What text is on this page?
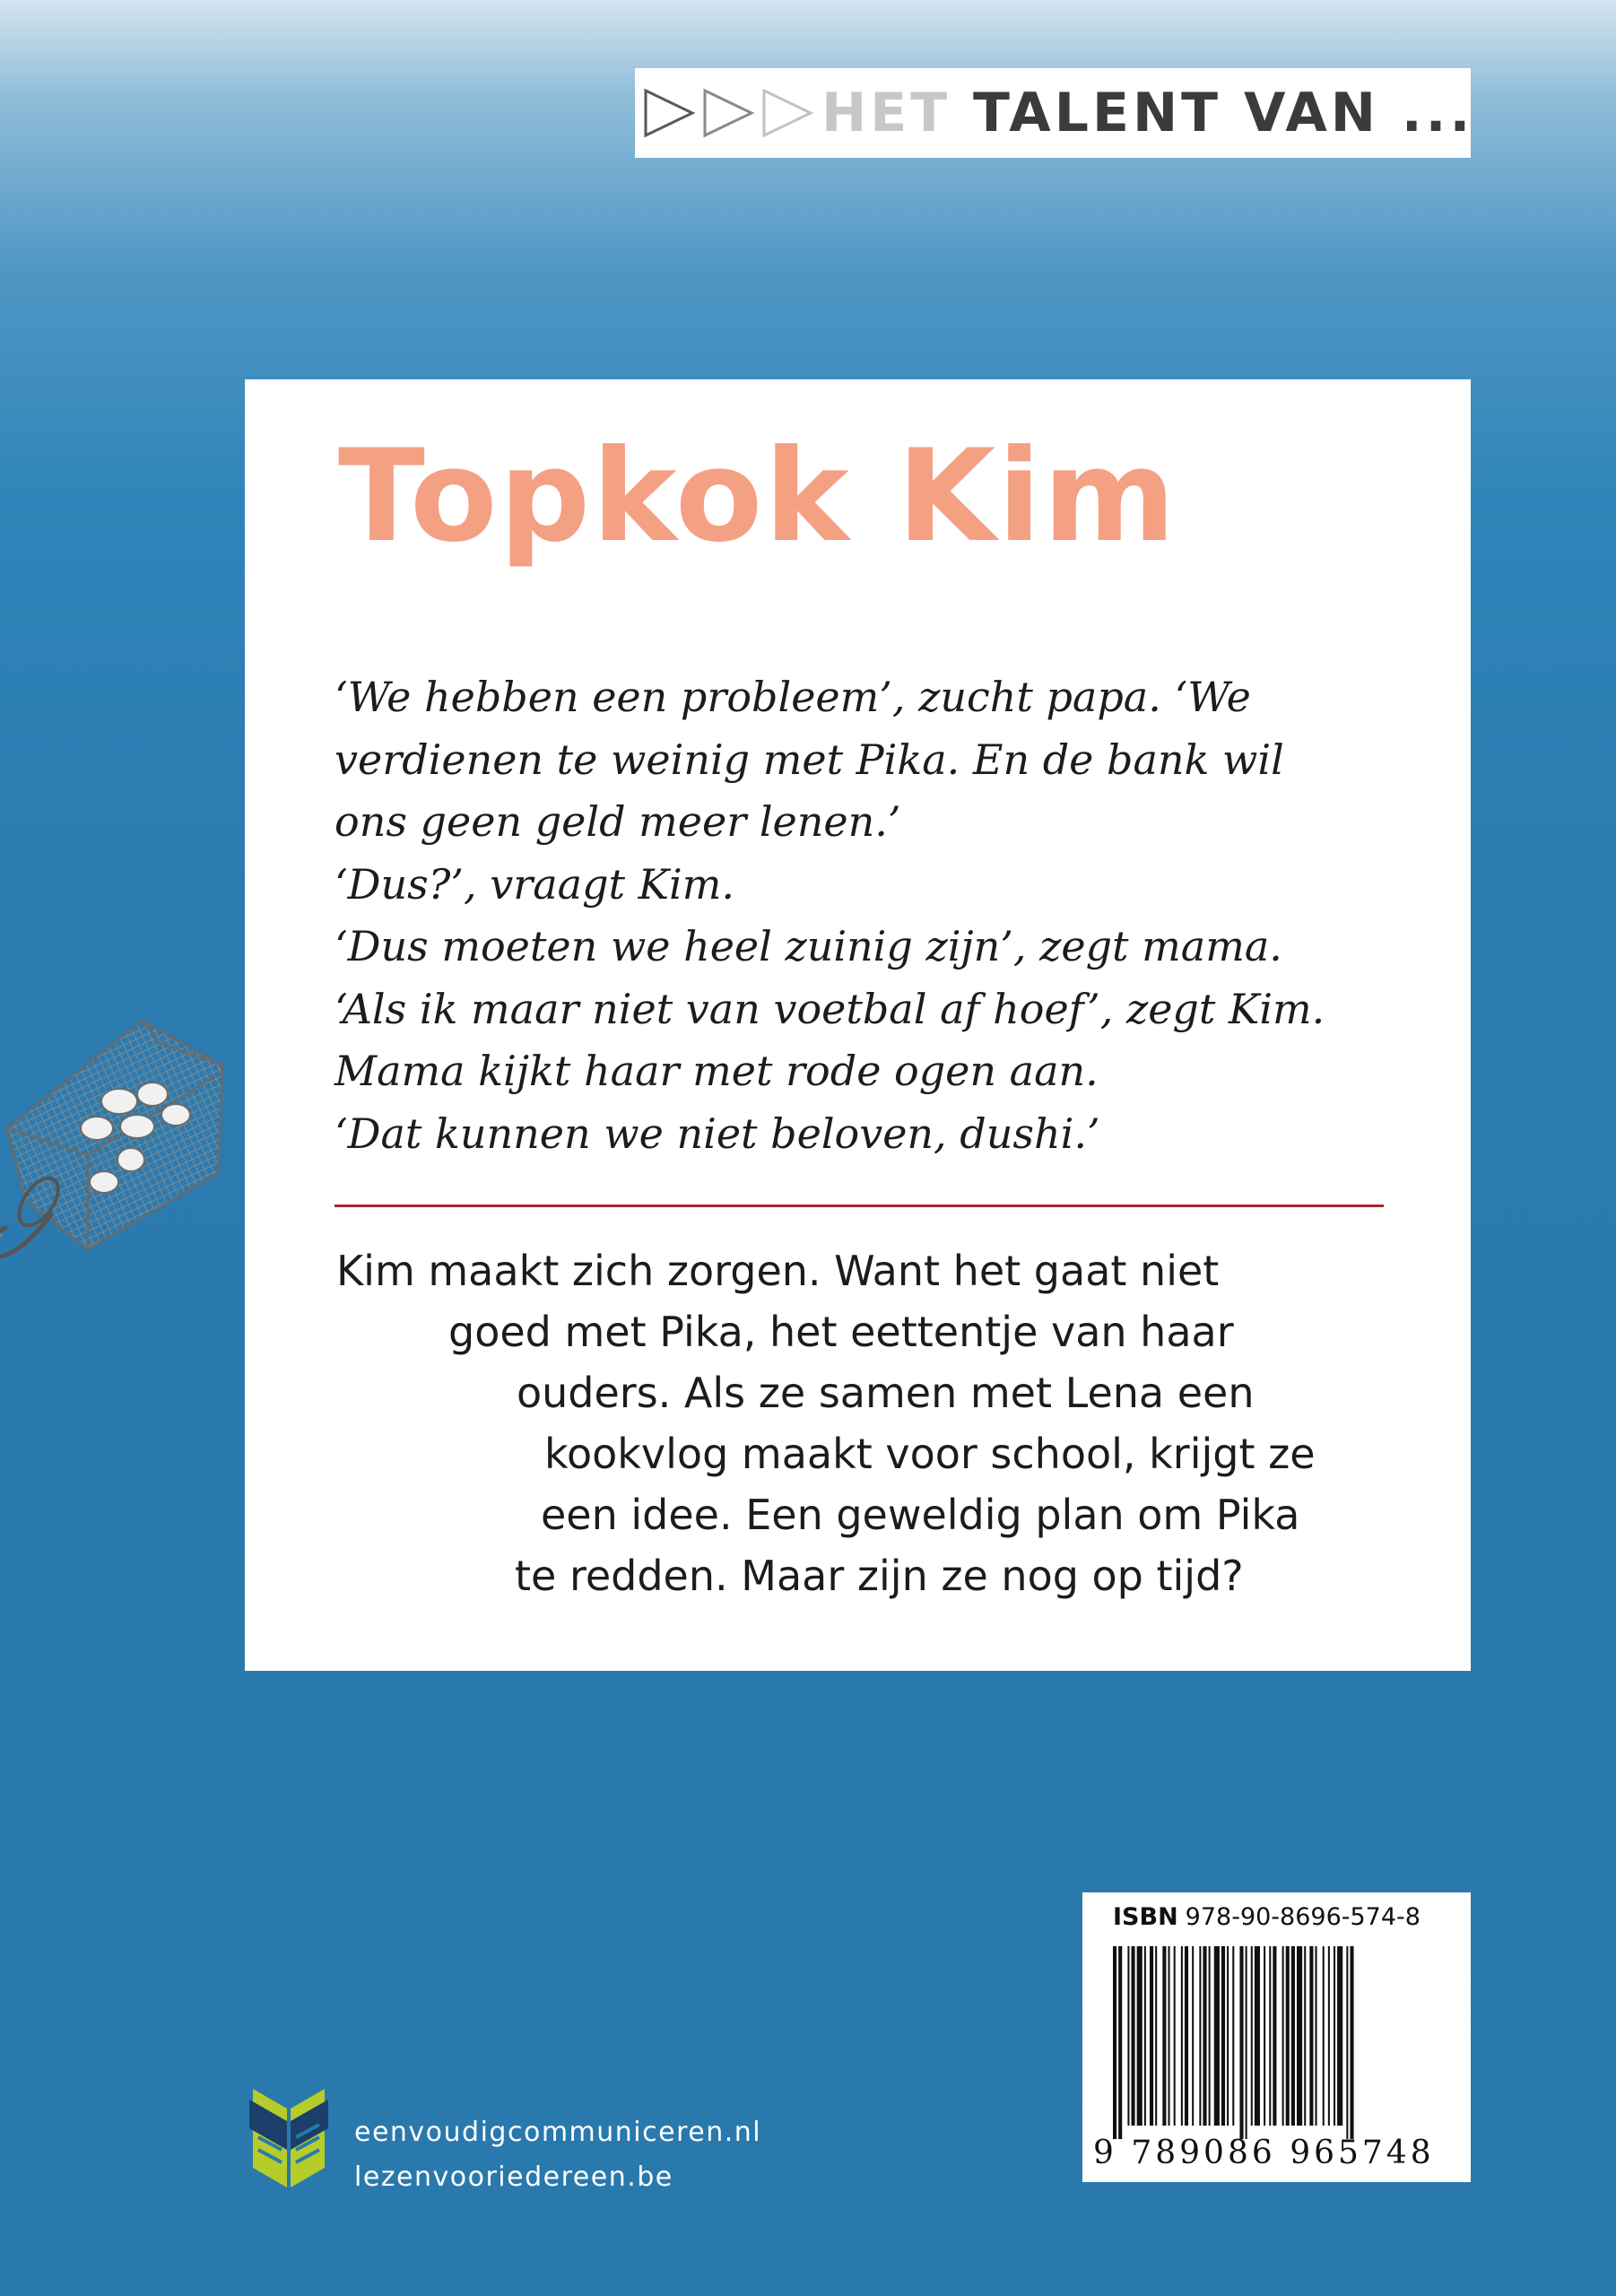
HET TALENT VAN ...
Topkok Kim
‘We hebben een probleem’, zucht papa. ‘We
verdienen te weinig met Pika. En de bank wil
ons geen geld meer lenen.’
‘Dus?’, vraagt Kim.
‘Dus moeten we heel zuinig zijn’, zegt mama.
‘Als ik maar niet van voetbal af hoef’, zegt Kim.
Mama kijkt haar met rode ogen aan.
‘Dat kunnen we niet beloven, dushi.’
Kim maakt zich zorgen. Want het gaat niet
goed met Pika, het eettentje van haar
ouders. Als ze samen met Lena een
kookvlog maakt voor school, krijgt ze
een idee. Een geweldig plan om Pika
te redden. Maar zijn ze nog op tijd?
ISBN 978-90-8696-574-8
9 789086 965748
eenvoudigcommuniceren.nl
lezenvooriedereen.be
